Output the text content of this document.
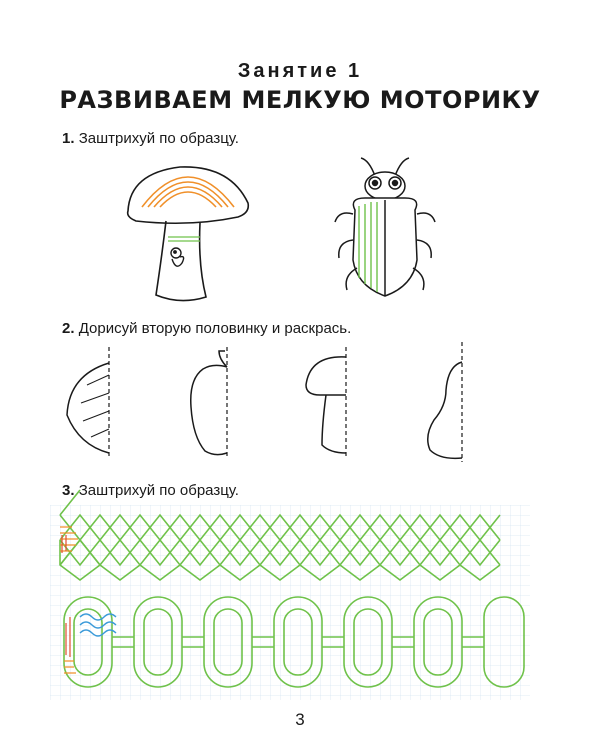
Занятие 1
РАЗВИВАЕМ МЕЛКУЮ МОТОРИКУ
1. Заштрихуй по образцу.
2. Дорисуй вторую половинку и раскрась.
3. Заштрихуй по образцу.
3
